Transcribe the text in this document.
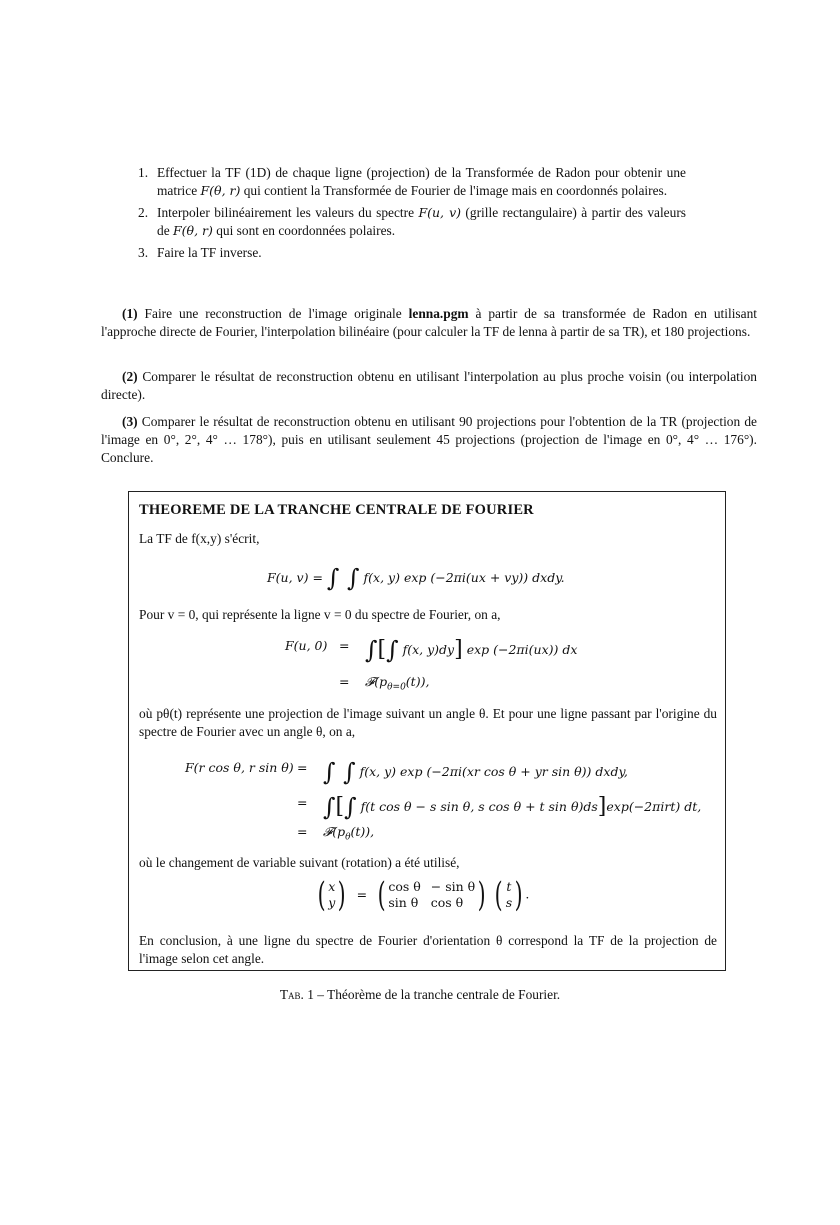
1. Effectuer la TF (1D) de chaque ligne (projection) de la Transformée de Radon pour obtenir une matrice F(θ, r) qui contient la Transformée de Fourier de l'image mais en coordonnés polaires.
2. Interpoler bilinéairement les valeurs du spectre F(u, v) (grille rectangulaire) à partir des valeurs de F(θ, r) qui sont en coordonnées polaires.
3. Faire la TF inverse.

(1) Faire une reconstruction de l'image originale lenna.pgm à partir de sa transformée de Radon en utilisant l'approche directe de Fourier, l'interpolation bilinéaire (pour calculer la TF de lenna à partir de sa TR), et 180 projections.

(2) Comparer le résultat de reconstruction obtenu en utilisant l'interpolation au plus proche voisin (ou interpolation directe).

(3) Comparer le résultat de reconstruction obtenu en utilisant 90 projections pour l'obtention de la TR (projection de l'image en 0°, 2°, 4° … 178°), puis en utilisant seulement 45 projections (projection de l'image en 0°, 4° … 176°). Conclure.

THEOREME DE LA TRANCHE CENTRALE DE FOURIER
La TF de f(x,y) s'écrit,
F(u, v) = ∫ ∫ f(x, y) exp (−2πi(ux + vy)) dxdy.
Pour v = 0, qui représente la ligne v = 0 du spectre de Fourier, on a,
F(u, 0) = ∫[∫ f(x, y)dy] exp (−2πi(ux)) dx
= $𝓕(p_{\theta=0}(t))$,
où pθ(t) représente une projection de l'image suivant un angle θ. Et pour une ligne passant par l'origine du spectre de Fourier avec un angle θ, on a,
F(r cos θ, r sin θ) = ∫ ∫ f(x, y) exp (−2πi(xr cos θ + yr sin θ)) dxdy,
= ∫[∫ f(t cos θ − s sin θ, s cos θ + t sin θ)ds]exp(−2πirt) dt,
= $𝓕(p_\theta(t))$,
où le changement de variable suivant (rotation) a été utilisé,
( x
y) = ( cos θ − sin θ
sin θ cos θ ) ( t
s) .
En conclusion, à une ligne du spectre de Fourier d'orientation θ correspond la TF de la projection de l'image selon cet angle.
Tab. 1 – Théorème de la tranche centrale de Fourier.
